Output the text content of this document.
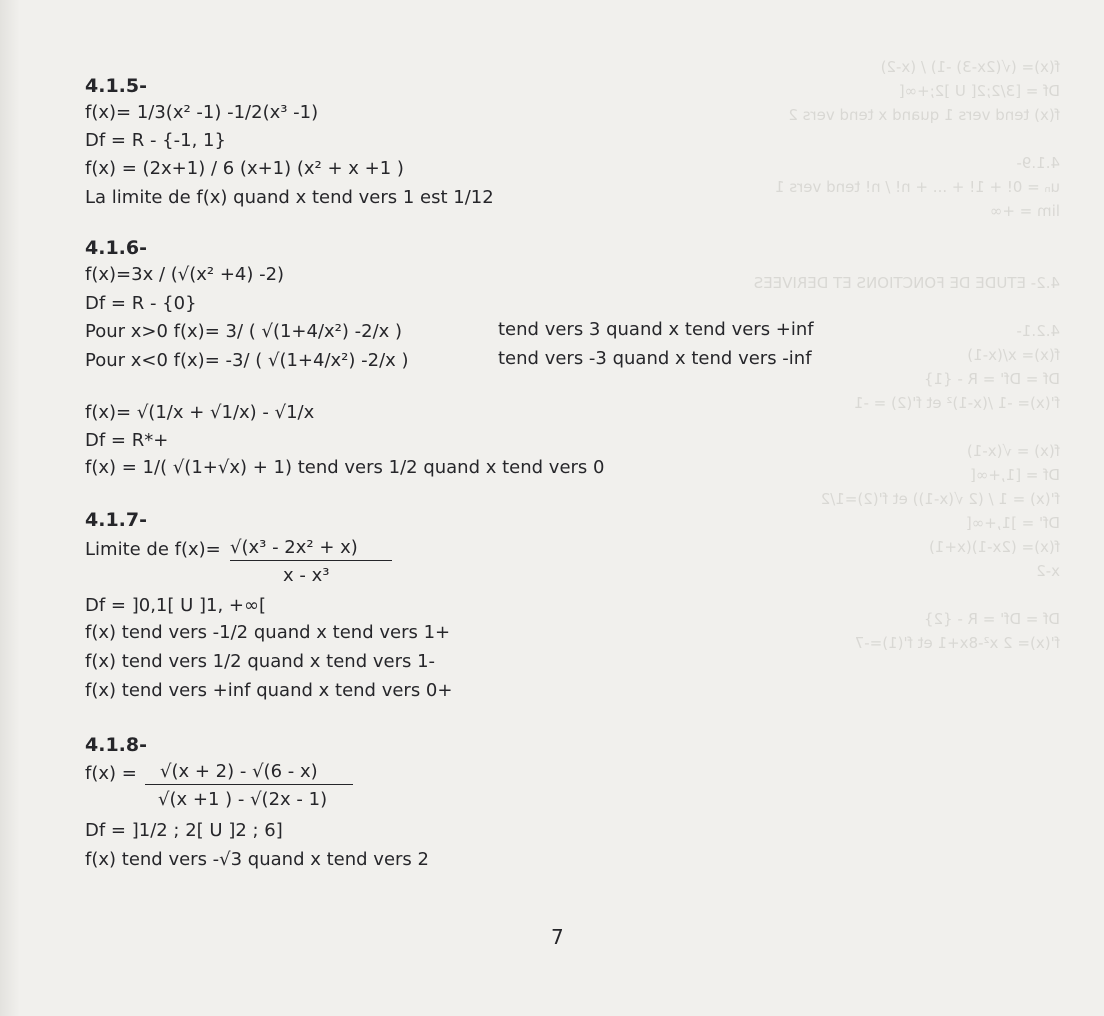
f(x)= (√(2x-3) -1) / (x-2)
Df = [3/2;2[ U ]2;+∞[
f(x) tend vers 1 quand x tend vers 2

4.1.9-
uₙ = 0! + 1! + ... + n! / n! tend vers 1
lim = +∞

4.2- ETUDE DE FONCTIONS ET DERIVEES

4.2.1-
f(x)= x/(x-1)
Df = Df' = R - {1}
f'(x)= -1 /(x-1)² et f'(2) = -1

f(x) = √(x-1)
Df = [1,+∞[
f'(x) = 1 / (2 √(x-1)) et f'(2)=1/2
Df' = ]1,+∞[
f(x)= (2x-1)(x+1)
x-2

Df = Df' = R - {2}
f'(x)= 2 x²-8x+1 et f'(1)=-7
4.1.5-
f(x)= 1/3(x² -1) -1/2(x³ -1)
Df = R - {-1, 1}
f(x) = (2x+1) / 6 (x+1) (x² + x +1 )
La limite de f(x) quand x tend vers 1 est 1/12
4.1.6-
f(x)=3x / (√(x² +4) -2)
Df = R - {0}
Pour x>0 f(x)= 3/ ( √(1+4/x²) -2/x )	tend vers 3 quand x tend vers +inf
Pour x<0 f(x)= -3/ ( √(1+4/x²) -2/x )	tend vers -3 quand x tend vers -inf
f(x)= √(1/x + √1/x) - √1/x
Df = R*+
f(x) = 1/( √(1+√x) + 1) tend vers 1/2 quand x tend vers 0
4.1.7-
Limite de f(x)= √(x³ - 2x² + x)
x - x³
Df = ]0,1[ U ]1, +∞[
f(x) tend vers -1/2 quand x tend vers 1+
f(x) tend vers 1/2 quand x tend vers 1-
f(x) tend vers +inf quand x tend vers 0+
4.1.8-
f(x) = √(x + 2) - √(6 - x)
√(x +1 ) - √(2x - 1)
Df = ]1/2 ; 2[ U ]2 ; 6]
f(x) tend vers -√3 quand x tend vers 2
7
